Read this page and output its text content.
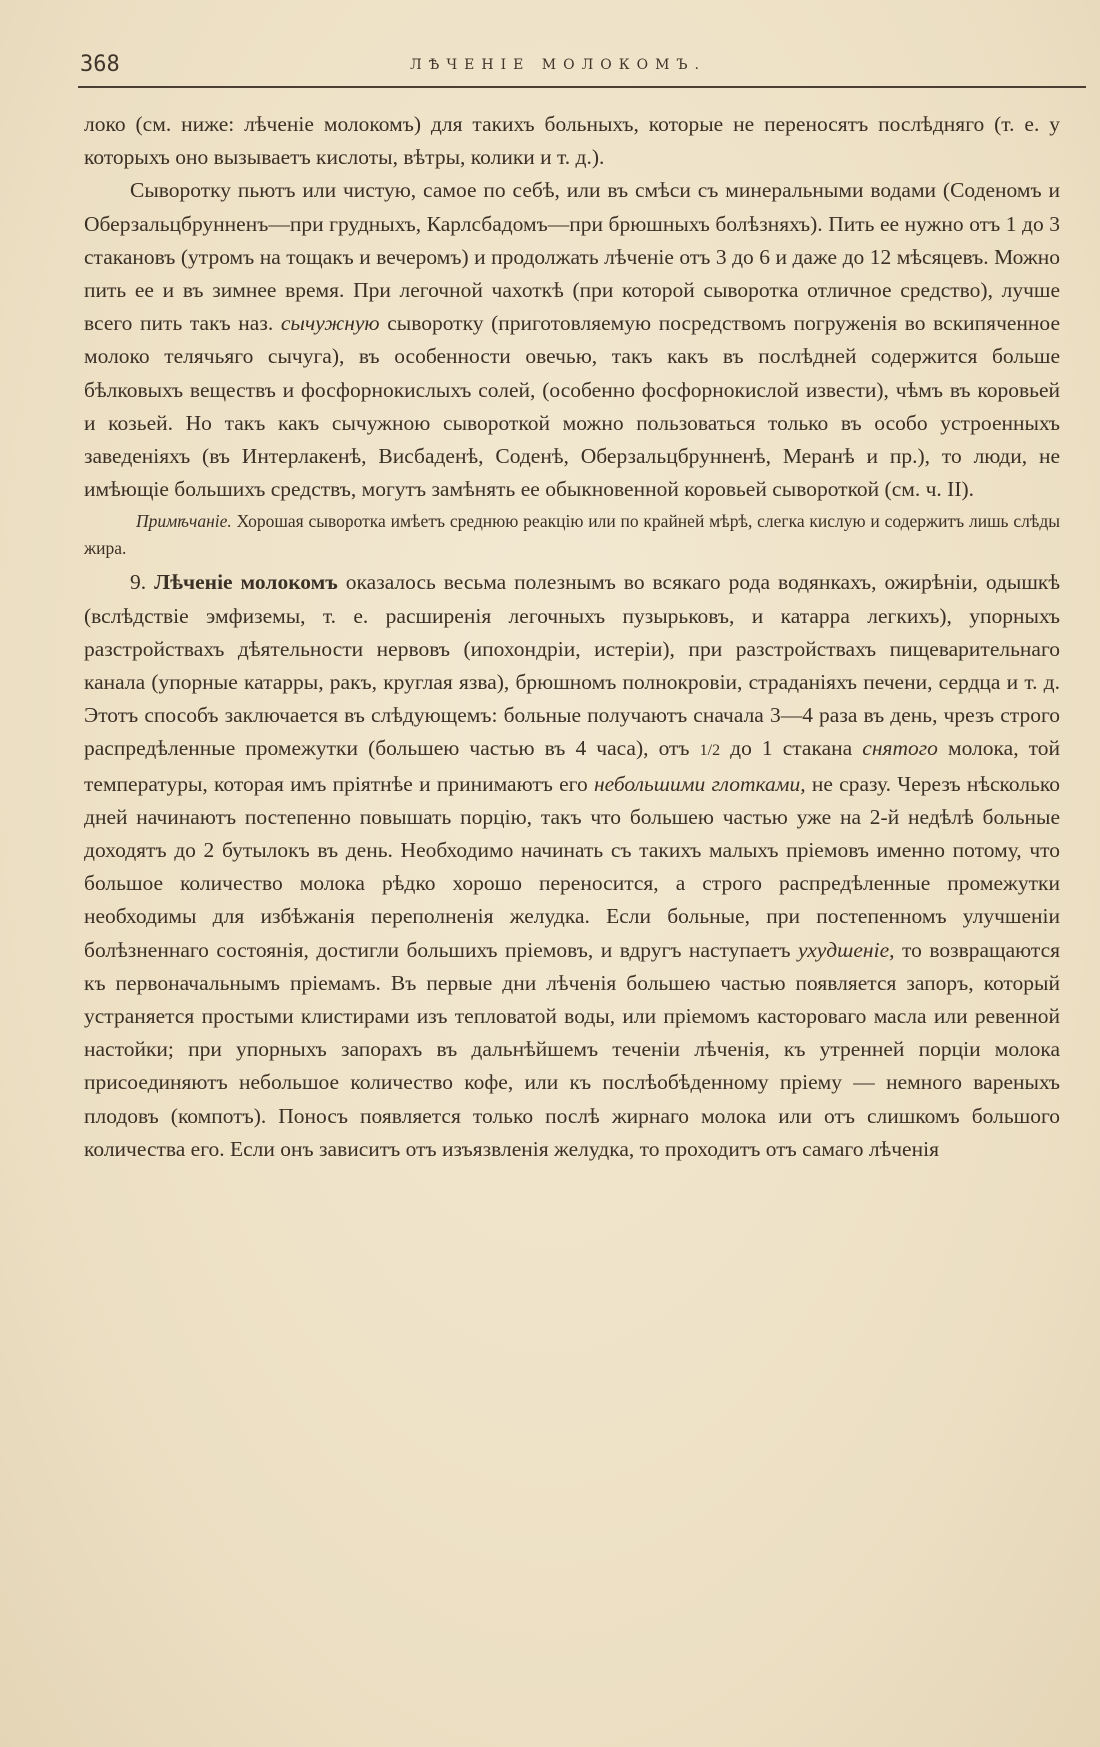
368	ЛѢЧЕНІЕ МОЛОКОМЪ.

локо (см. ниже: лѣченіе молокомъ) для такихъ больныхъ, которые не переносятъ послѣдняго (т. е. у которыхъ оно вызываетъ кислоты, вѣтры, колики и т. д.).

Сыворотку пьютъ или чистую, самое по себѣ, или въ смѣси съ минеральными водами (Соденомъ и Оберзальцбрунненъ—при грудныхъ, Карлсбадомъ—при брюшныхъ болѣзняхъ). Пить ее нужно отъ 1 до 3 стакановъ (утромъ на тощакъ и вечеромъ) и продолжать лѣченіе отъ 3 до 6 и даже до 12 мѣсяцевъ. Можно пить ее и въ зимнее время. При легочной чахоткѣ (при которой сыворотка отличное средство), лучше всего пить такъ наз. сычужную сыворотку (приготовляемую посредствомъ погруженія во вскипяченное молоко телячьяго сычуга), въ особенности овечью, такъ какъ въ послѣдней содержится больше бѣлковыхъ веществъ и фосфорнокислыхъ солей, (особенно фосфорнокислой извести), чѣмъ въ коровьей и козьей. Но такъ какъ сычужною сывороткой можно пользоваться только въ особо устроенныхъ заведеніяхъ (въ Интерлакенѣ, Висбаденѣ, Соденѣ, Оберзальцбрунненѣ, Меранѣ и пр.), то люди, не имѣющіе большихъ средствъ, могутъ замѣнять ее обыкновенной коровьей сывороткой (см. ч. II).

Примѣчаніе. Хорошая сыворотка имѣетъ среднюю реакцію или по крайней мѣрѣ, слегка кислую и содержитъ лишь слѣды жира.

9. Лѣченіе молокомъ оказалось весьма полезнымъ во всякаго рода водянкахъ, ожирѣніи, одышкѣ (вслѣдствіе эмфиземы, т. е. расширенія легочныхъ пузырьковъ, и катарра легкихъ), упорныхъ разстройствахъ дѣятельности нервовъ (ипохондріи, истеріи), при разстройствахъ пищеварительнаго канала (упорные катарры, ракъ, круглая язва), брюшномъ полнокровіи, страданіяхъ печени, сердца и т. д. Этотъ способъ заключается въ слѣдующемъ: больные получаютъ сначала 3—4 раза въ день, чрезъ строго распредѣленные промежутки (большею частью въ 4 часа), отъ 1/2 до 1 стакана снятого молока, той температуры, которая имъ пріятнѣе и принимаютъ его небольшими глотками, не сразу. Черезъ нѣсколько дней начинаютъ постепенно повышать порцію, такъ что большею частью уже на 2-й недѣлѣ больные доходятъ до 2 бутылокъ въ день. Необходимо начинать съ такихъ малыхъ пріемовъ именно потому, что большое количество молока рѣдко хорошо переносится, а строго распредѣленные промежутки необходимы для избѣжанія переполненія желудка. Если больные, при постепенномъ улучшеніи болѣзненнаго состоянія, достигли большихъ пріемовъ, и вдругъ наступаетъ ухудшеніе, то возвращаются къ первоначальнымъ пріемамъ. Въ первые дни лѣченія большею частью появляется запоръ, который устраняется простыми клистирами изъ тепловатой воды, или пріемомъ касторовaго масла или ревенной настойки; при упорныхъ запорахъ въ дальнѣйшемъ теченіи лѣченія, къ утренней порціи молока присоединяютъ небольшое количество кофе, или къ послѣобѣденному пріему — немного вареныхъ плодовъ (компотъ). Поносъ появляется только послѣ жирнаго молока или отъ слишкомъ большого количества его. Если онъ зависитъ отъ изъязвленія желудка, то проходитъ отъ самаго лѣченія
